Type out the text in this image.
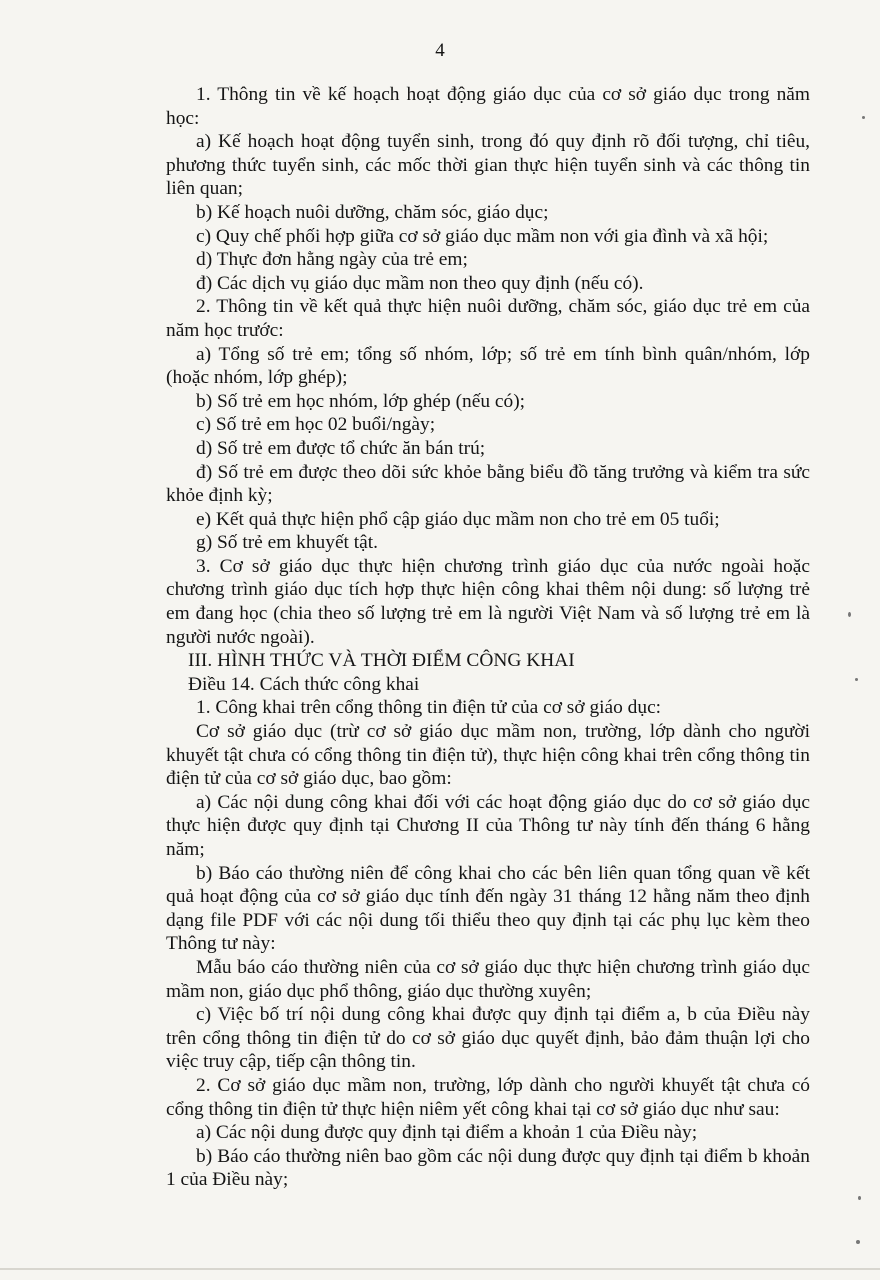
4

1. Thông tin về kế hoạch hoạt động giáo dục của cơ sở giáo dục trong năm học:

a) Kế hoạch hoạt động tuyển sinh, trong đó quy định rõ đối tượng, chỉ tiêu, phương thức tuyển sinh, các mốc thời gian thực hiện tuyển sinh và các thông tin liên quan;

b) Kế hoạch nuôi dưỡng, chăm sóc, giáo dục;

c) Quy chế phối hợp giữa cơ sở giáo dục mầm non với gia đình và xã hội;

d) Thực đơn hằng ngày của trẻ em;

đ) Các dịch vụ giáo dục mầm non theo quy định (nếu có).

2. Thông tin về kết quả thực hiện nuôi dưỡng, chăm sóc, giáo dục trẻ em của năm học trước:

a) Tổng số trẻ em; tổng số nhóm, lớp; số trẻ em tính bình quân/nhóm, lớp (hoặc nhóm, lớp ghép);

b) Số trẻ em học nhóm, lớp ghép (nếu có);

c) Số trẻ em học 02 buổi/ngày;

d) Số trẻ em được tổ chức ăn bán trú;

đ) Số trẻ em được theo dõi sức khỏe bằng biểu đồ tăng trưởng và kiểm tra sức khỏe định kỳ;

e) Kết quả thực hiện phổ cập giáo dục mầm non cho trẻ em 05 tuổi;

g) Số trẻ em khuyết tật.

3. Cơ sở giáo dục thực hiện chương trình giáo dục của nước ngoài hoặc chương trình giáo dục tích hợp thực hiện công khai thêm nội dung: số lượng trẻ em đang học (chia theo số lượng trẻ em là người Việt Nam và số lượng trẻ em là người nước ngoài).

III. HÌNH THỨC VÀ THỜI ĐIỂM CÔNG KHAI

Điều 14. Cách thức công khai

1. Công khai trên cổng thông tin điện tử của cơ sở giáo dục:

Cơ sở giáo dục (trừ cơ sở giáo dục mầm non, trường, lớp dành cho người khuyết tật chưa có cổng thông tin điện tử), thực hiện công khai trên cổng thông tin điện tử của cơ sở giáo dục, bao gồm:

a) Các nội dung công khai đối với các hoạt động giáo dục do cơ sở giáo dục thực hiện được quy định tại Chương II của Thông tư này tính đến tháng 6 hằng năm;

b) Báo cáo thường niên để công khai cho các bên liên quan tổng quan về kết quả hoạt động của cơ sở giáo dục tính đến ngày 31 tháng 12 hằng năm theo định dạng file PDF với các nội dung tối thiểu theo quy định tại các phụ lục kèm theo Thông tư này:

Mẫu báo cáo thường niên của cơ sở giáo dục thực hiện chương trình giáo dục mầm non, giáo dục phổ thông, giáo dục thường xuyên;

c) Việc bố trí nội dung công khai được quy định tại điểm a, b của Điều này trên cổng thông tin điện tử do cơ sở giáo dục quyết định, bảo đảm thuận lợi cho việc truy cập, tiếp cận thông tin.

2. Cơ sở giáo dục mầm non, trường, lớp dành cho người khuyết tật chưa có cổng thông tin điện tử thực hiện niêm yết công khai tại cơ sở giáo dục như sau:

a) Các nội dung được quy định tại điểm a khoản 1 của Điều này;

b) Báo cáo thường niên bao gồm các nội dung được quy định tại điểm b khoản 1 của Điều này;
